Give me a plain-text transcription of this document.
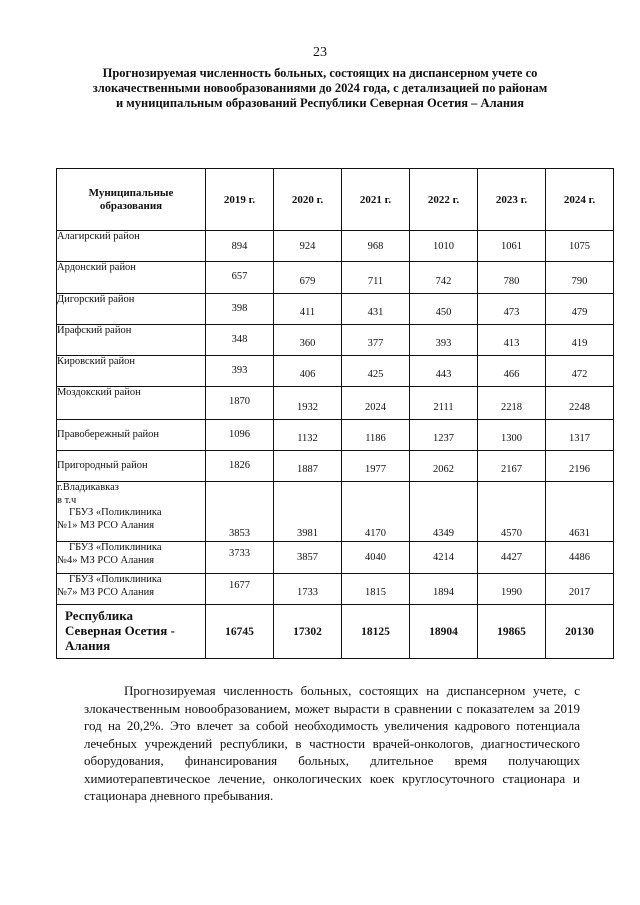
23
Прогнозируемая численность больных, состоящих на диспансерном учете со
злокачественными новообразованиями до 2024 года, с детализацией по районам
и муниципальным образований Республики Северная Осетия – Алания
Муниципальные образования	2019 г.	2020 г.	2021 г.	2022 г.	2023 г.	2024 г.
Алагирский район	894	924	968	1010	1061	1075
Ардонский район	657	679	711	742	780	790
Дигорский район	398	411	431	450	473	479
Ирафский район	348	360	377	393	413	419
Кировский район	393	406	425	443	466	472
Моздокский район	1870	1932	2024	2111	2218	2248
Правобережный район	1096	1132	1186	1237	1300	1317
Пригородный район	1826	1887	1977	2062	2167	2196

г.Владикавказ
в т.ч
ГБУЗ «Поликлиника
№1» МЗ РСО Алания	3853	3981	4170	4349	4570	4631

ГБУЗ «Поликлиника
№4» МЗ РСО Алания	3733	3857	4040	4214	4427	4486

ГБУЗ «Поликлиника
№7» МЗ РСО Алания	1677	1733	1815	1894	1990	2017

Республика
Северная Осетия -
Алания	16745	17302	18125	18904	19865	20130

Прогнозируемая численность больных, состоящих на диспансерном учете, с злокачественным новообразованием, может вырасти в сравнении с показателем за 2019 год на 20,2%. Это влечет за собой необходимость увеличения кадрового потенциала лечебных учреждений республики, в частности врачей-онкологов, диагностического оборудования, финансирования больных, длительное время получающих химиотерапевтическое лечение, онкологических коек круглосуточного стационара и стационара дневного пребывания.
